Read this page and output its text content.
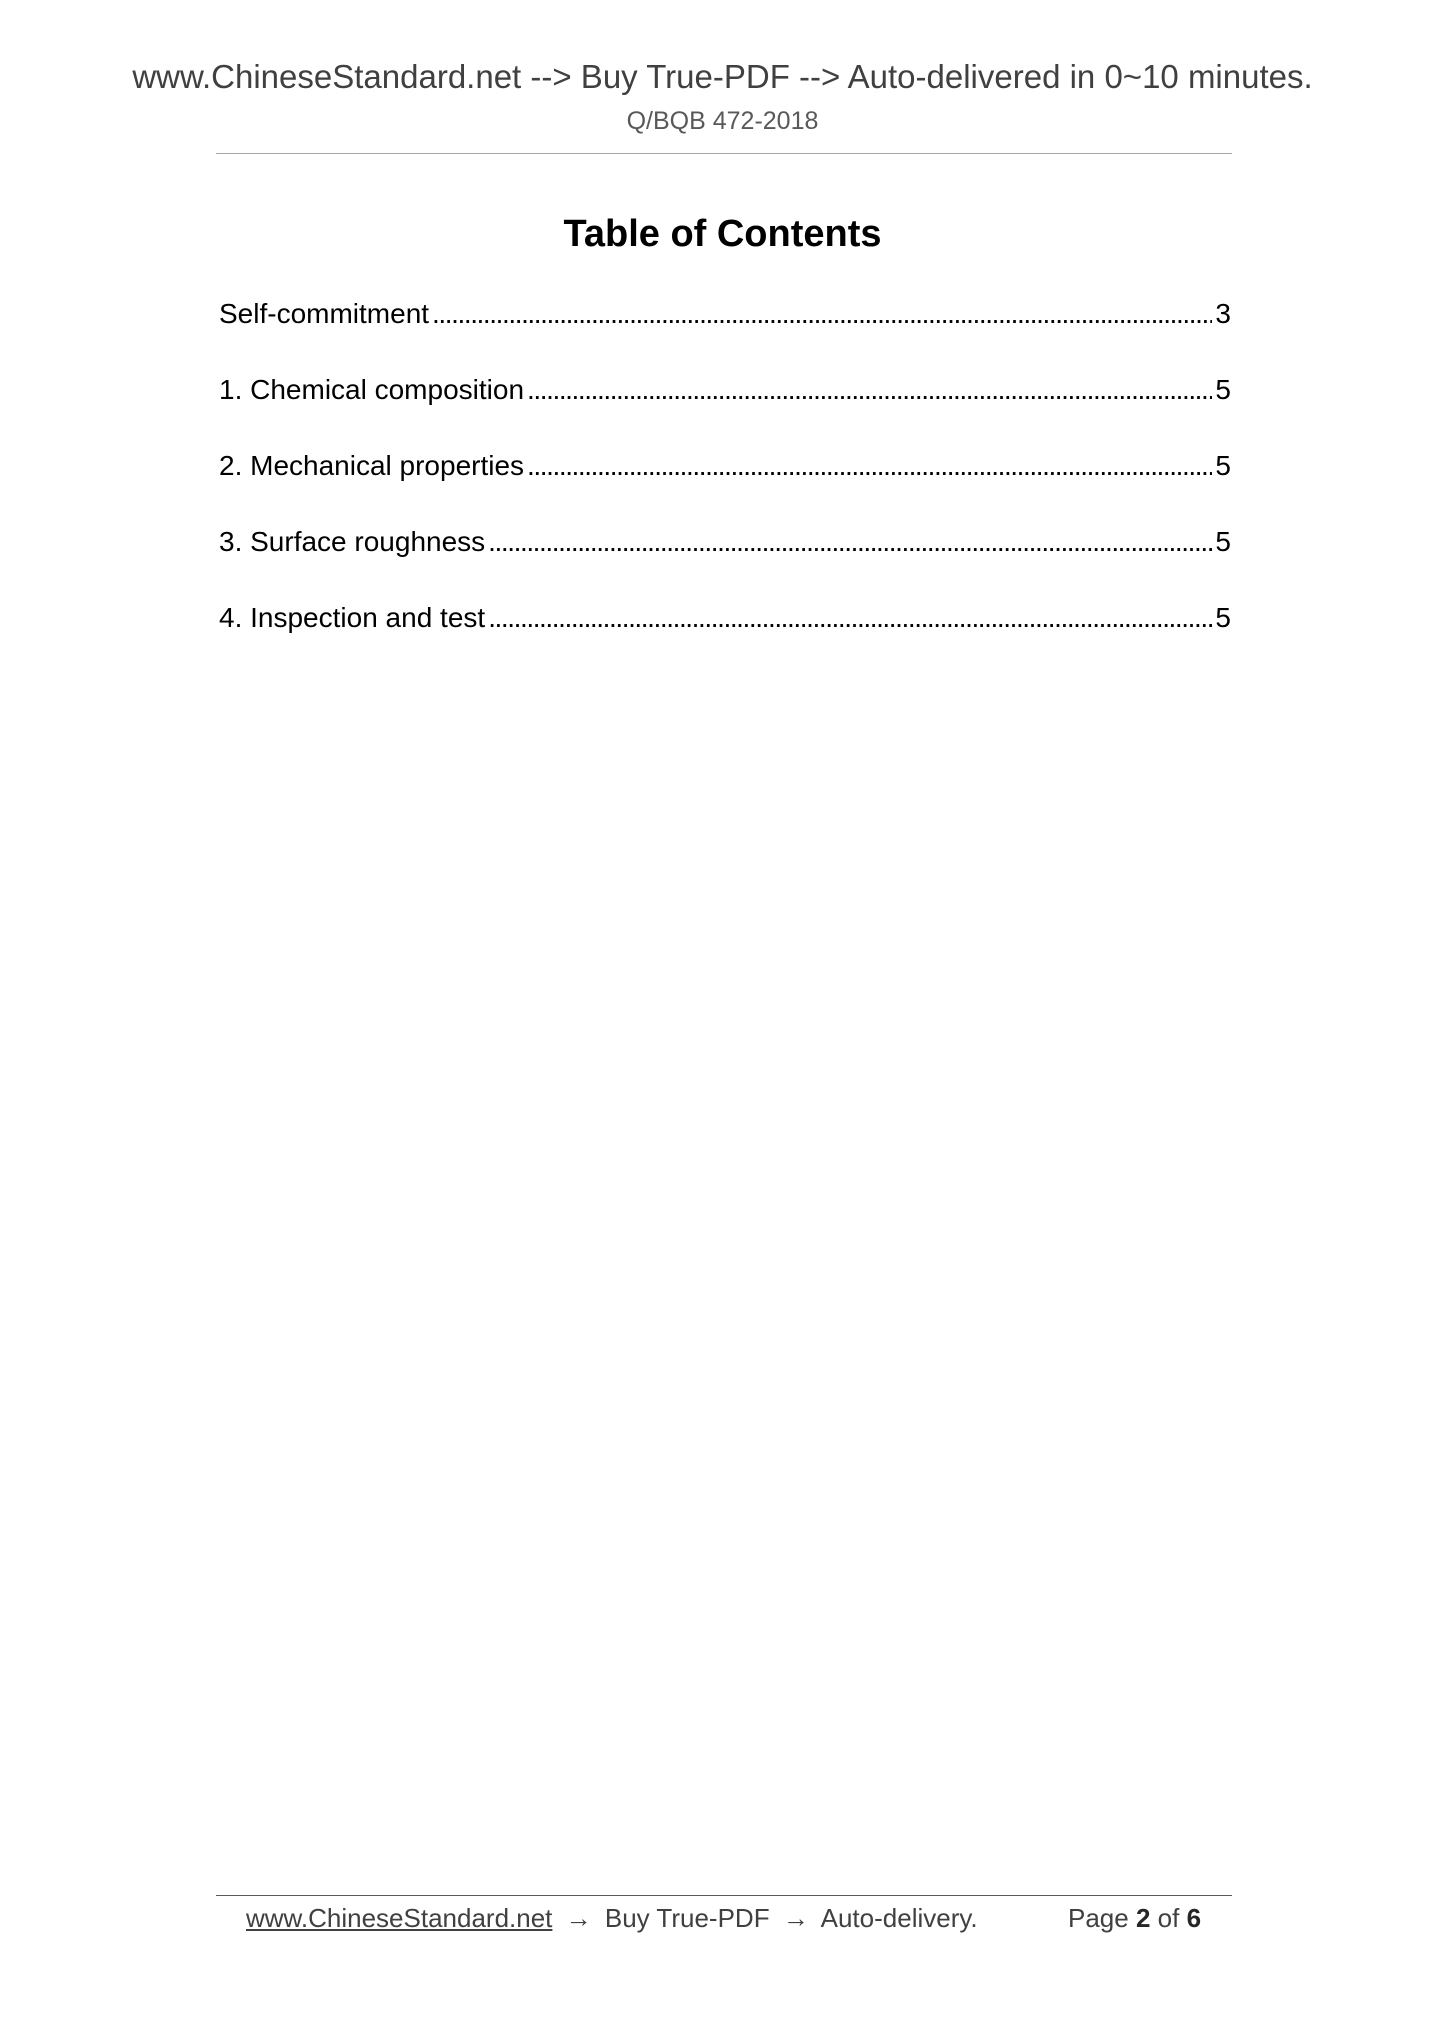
www.ChineseStandard.net --> Buy True-PDF --> Auto-delivered in 0~10 minutes.
Q/BQB 472-2018
Table of Contents
Self-commitment . . .	3
1. Chemical composition . . .	5
2. Mechanical properties . . .	5
3. Surface roughness . . .	5
4. Inspection and test . . .	5
www.ChineseStandard.net → Buy True-PDF → Auto-delivery.	Page 2 of 6
